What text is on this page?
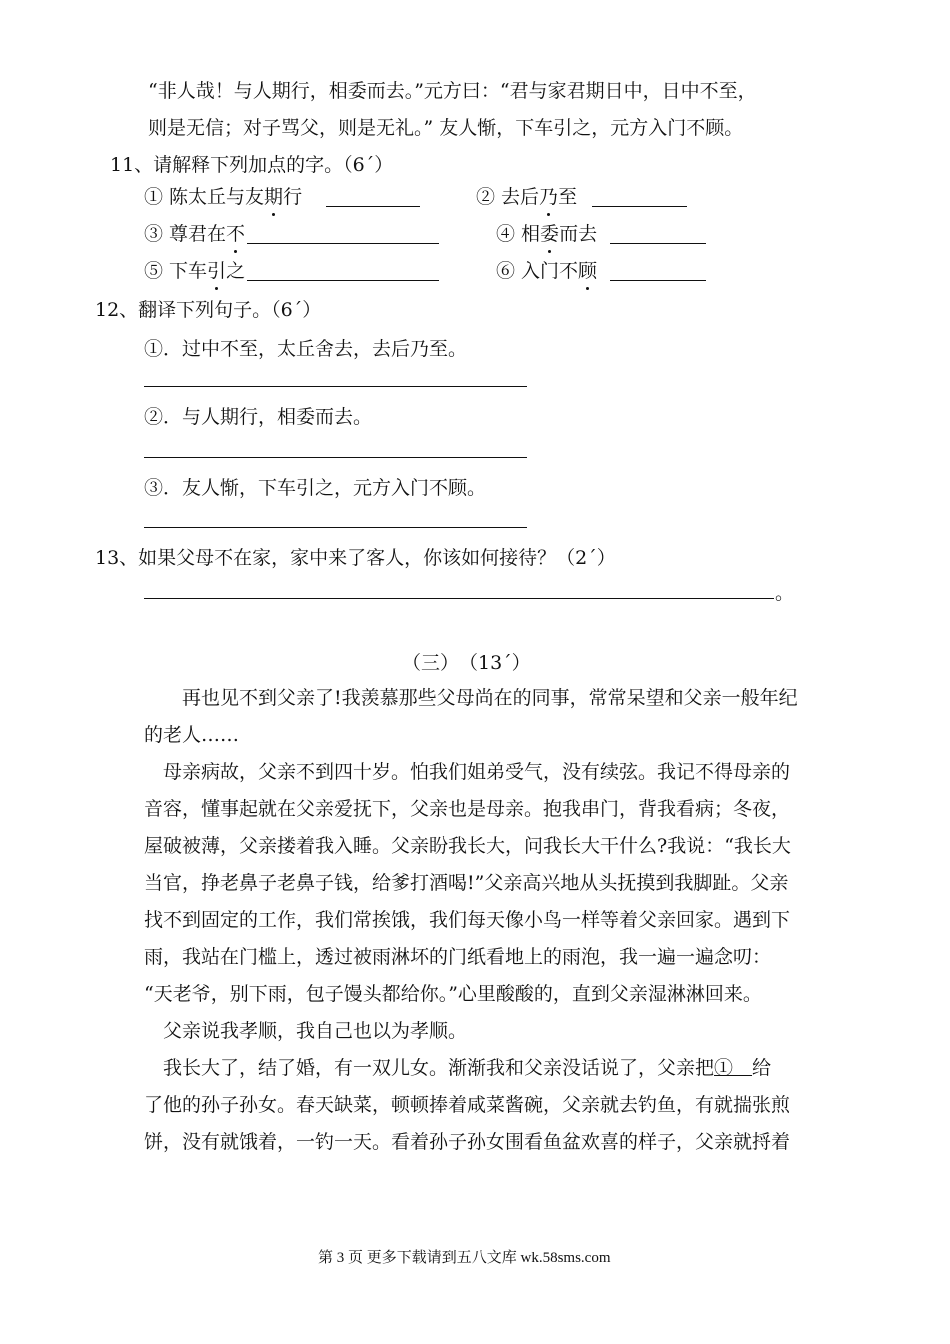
“非人哉！与人期行，相委而去。”元方曰：“君与家君期日中，日中不至，
则是无信；对子骂父，则是无礼。” 友人惭，下车引之，元方入门不顾。
11、请解释下列加点的字。（6´）
① 陈太丘与友期行	② 去后乃至
③ 尊君在不	④ 相委而去
⑤ 下车引之	⑥ 入门不顾
12、翻译下列句子。（6´）
①．过中不至，太丘舍去，去后乃至。
②．与人期行，相委而去。
③．友人惭，下车引之，元方入门不顾。
13、如果父母不在家，家中来了客人，你该如何接待？（2´）
。
（三）　（13´）
再也见不到父亲了!我羡慕那些父母尚在的同事，常常呆望和父亲一般年纪
的老人……
母亲病故，父亲不到四十岁。怕我们姐弟受气，没有续弦。我记不得母亲的
音容，懂事起就在父亲爱抚下，父亲也是母亲。抱我串门，背我看病；冬夜，
屋破被薄，父亲搂着我入睡。父亲盼我长大，问我长大干什么?我说：“我长大
当官，挣老鼻子老鼻子钱，给爹打酒喝!”父亲高兴地从头抚摸到我脚趾。父亲
找不到固定的工作，我们常挨饿，我们每天像小鸟一样等着父亲回家。遇到下
雨，我站在门槛上，透过被雨淋坏的门纸看地上的雨泡，我一遍一遍念叨：
“天老爷，别下雨，包子馒头都给你。”心里酸酸的，直到父亲湿淋淋回来。
父亲说我孝顺，我自己也以为孝顺。
我长大了，结了婚，有一双儿女。渐渐我和父亲没话说了，父亲把①　给
了他的孙子孙女。春天缺菜，顿顿捧着咸菜酱碗，父亲就去钓鱼，有就揣张煎
饼，没有就饿着，一钓一天。看着孙子孙女围看鱼盆欢喜的样子，父亲就捋着
第 3 页 更多下载请到五八文库 wk.58sms.com
